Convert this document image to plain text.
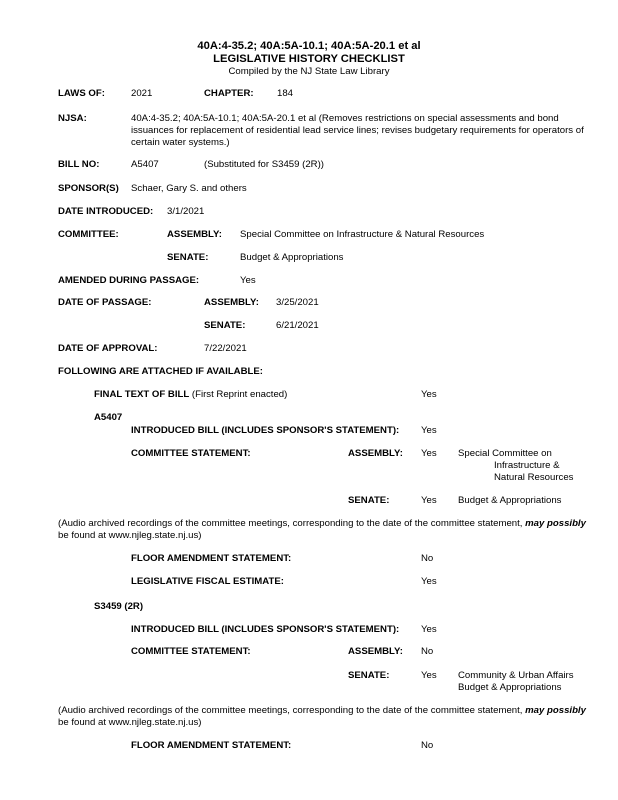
40A:4-35.2; 40A:5A-10.1; 40A:5A-20.1 et al
LEGISLATIVE HISTORY CHECKLIST
Compiled by the NJ State Law Library
LAWS OF:	2021	CHAPTER: 184
NJSA:	40A:4-35.2; 40A:5A-10.1; 40A:5A-20.1 et al (Removes restrictions on special assessments and bond
issuances for replacement of residential lead service lines; revises budgetary requirements for operators of
certain water systems.)
BILL NO:	A5407	(Substituted for S3459 (2R))
SPONSOR(S) Schaer, Gary S. and others
DATE INTRODUCED: 3/1/2021
COMMITTEE:	ASSEMBLY: Special Committee on Infrastructure & Natural Resources
SENATE:	Budget & Appropriations
AMENDED DURING PASSAGE:	Yes
DATE OF PASSAGE:	ASSEMBLY: 3/25/2021
SENATE:	6/21/2021
DATE OF APPROVAL:	7/22/2021
FOLLOWING ARE ATTACHED IF AVAILABLE:
FINAL TEXT OF BILL (First Reprint enacted)	Yes
A5407
INTRODUCED BILL (INCLUDES SPONSOR'S STATEMENT): Yes
COMMITTEE STATEMENT:	ASSEMBLY: Yes Special Committee on
Infrastructure &
Natural Resources
SENATE:	Yes Budget & Appropriations
(Audio archived recordings of the committee meetings, corresponding to the date of the committee statement, may possibly
be found at www.njleg.state.nj.us)
FLOOR AMENDMENT STATEMENT:	No
LEGISLATIVE FISCAL ESTIMATE:	Yes
S3459 (2R)
INTRODUCED BILL (INCLUDES SPONSOR'S STATEMENT): Yes
COMMITTEE STATEMENT:	ASSEMBLY: No
SENATE:	Yes Community & Urban Affairs
Budget & Appropriations
(Audio archived recordings of the committee meetings, corresponding to the date of the committee statement, may possibly
be found at www.njleg.state.nj.us)
FLOOR AMENDMENT STATEMENT:	No
